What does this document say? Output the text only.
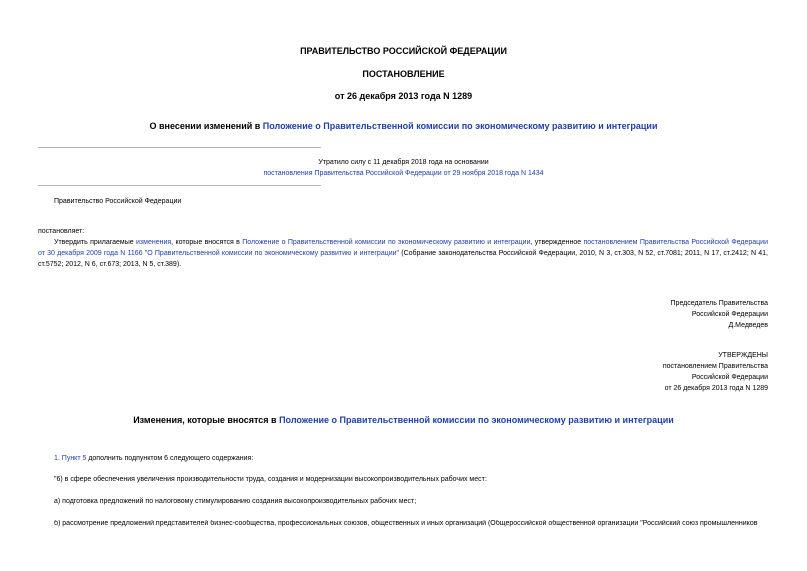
ПРАВИТЕЛЬСТВО РОССИЙСКОЙ ФЕДЕРАЦИИ
ПОСТАНОВЛЕНИЕ
от 26 декабря 2013 года N 1289
О внесении изменений в Положение о Правительственной комиссии по экономическому развитию и интеграции
Утратило силу с 11 декабря 2018 года на основании
постановления Правительства Российской Федерации от 29 ноября 2018 года N 1434
Правительство Российской Федерации
постановляет:
Утвердить прилагаемые изменения, которые вносятся в Положение о Правительственной комиссии по экономическому развитию и интеграции, утвержденное постановлением Правительства Российской Федерации от 30 декабря 2009 года N 1166 "О Правительственной комиссии по экономическому развитию и интеграции" (Собрание законодательства Российской Федерации, 2010, N 3, ст.303, N 52, ст.7081; 2011, N 17, ст.2412; N 41, ст.5752; 2012, N 6, ст.673; 2013, N 5, ст.389).
Председатель Правительства
Российской Федерации
Д.Медведев
УТВЕРЖДЕНЫ
постановлением Правительства
Российской Федерации
от 26 декабря 2013 года N 1289
Изменения, которые вносятся в Положение о Правительственной комиссии по экономическому развитию и интеграции
1. Пункт 5 дополнить подпунктом 6 следующего содержания:
"6) в сфере обеспечения увеличения производительности труда, создания и модернизации высокопроизводительных рабочих мест:
а) подготовка предложений по налоговому стимулированию создания высокопроизводительных рабочих мест;
б) рассмотрение предложений представителей бизнес-сообщества, профессиональных союзов, общественных и иных организаций (Общероссийской общественной организации "Российский союз промышленников
